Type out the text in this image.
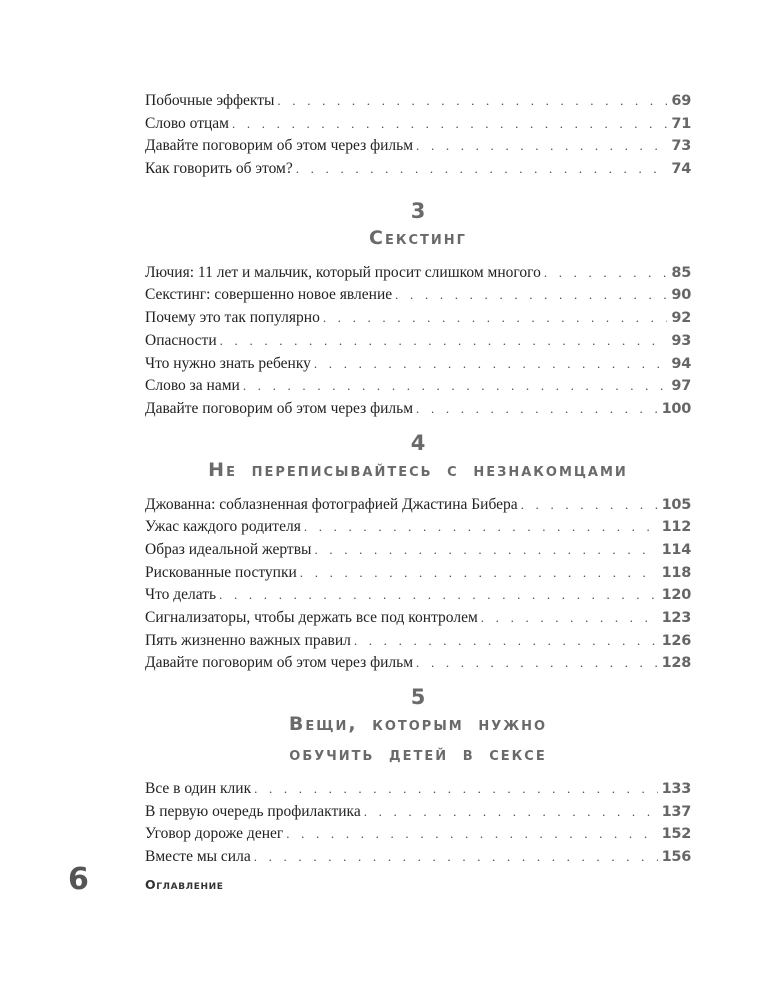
Побочные эффекты . . .	69
Слово отцам . . .	71
Давайте поговорим об этом через фильм . . .	73
Как говорить об этом? . . .	74
3
Секстинг
Лючия: 11 лет и мальчик, который просит слишком многого . . .	85
Секстинг: совершенно новое явление . . .	90
Почему это так популярно . . .	92
Опасности . . .	93
Что нужно знать ребенку . . .	94
Слово за нами . . .	97
Давайте поговорим об этом через фильм . . .	100
4
Не переписывайтесь с незнакомцами
Джованна: соблазненная фотографией Джастина Бибера . . .	105
Ужас каждого родителя . . .	112
Образ идеальной жертвы . . .	114
Рискованные поступки . . .	118
Что делать . . .	120
Сигнализаторы, чтобы держать все под контролем . . .	123
Пять жизненно важных правил . . .	126
Давайте поговорим об этом через фильм . . .	128
5
Вещи, которым нужно
обучить детей в сексе
Все в один клик . . .	133
В первую очередь профилактика . . .	137
Уговор дороже денег . . .	152
Вместе мы сила . . .	156
6	Оглавление
